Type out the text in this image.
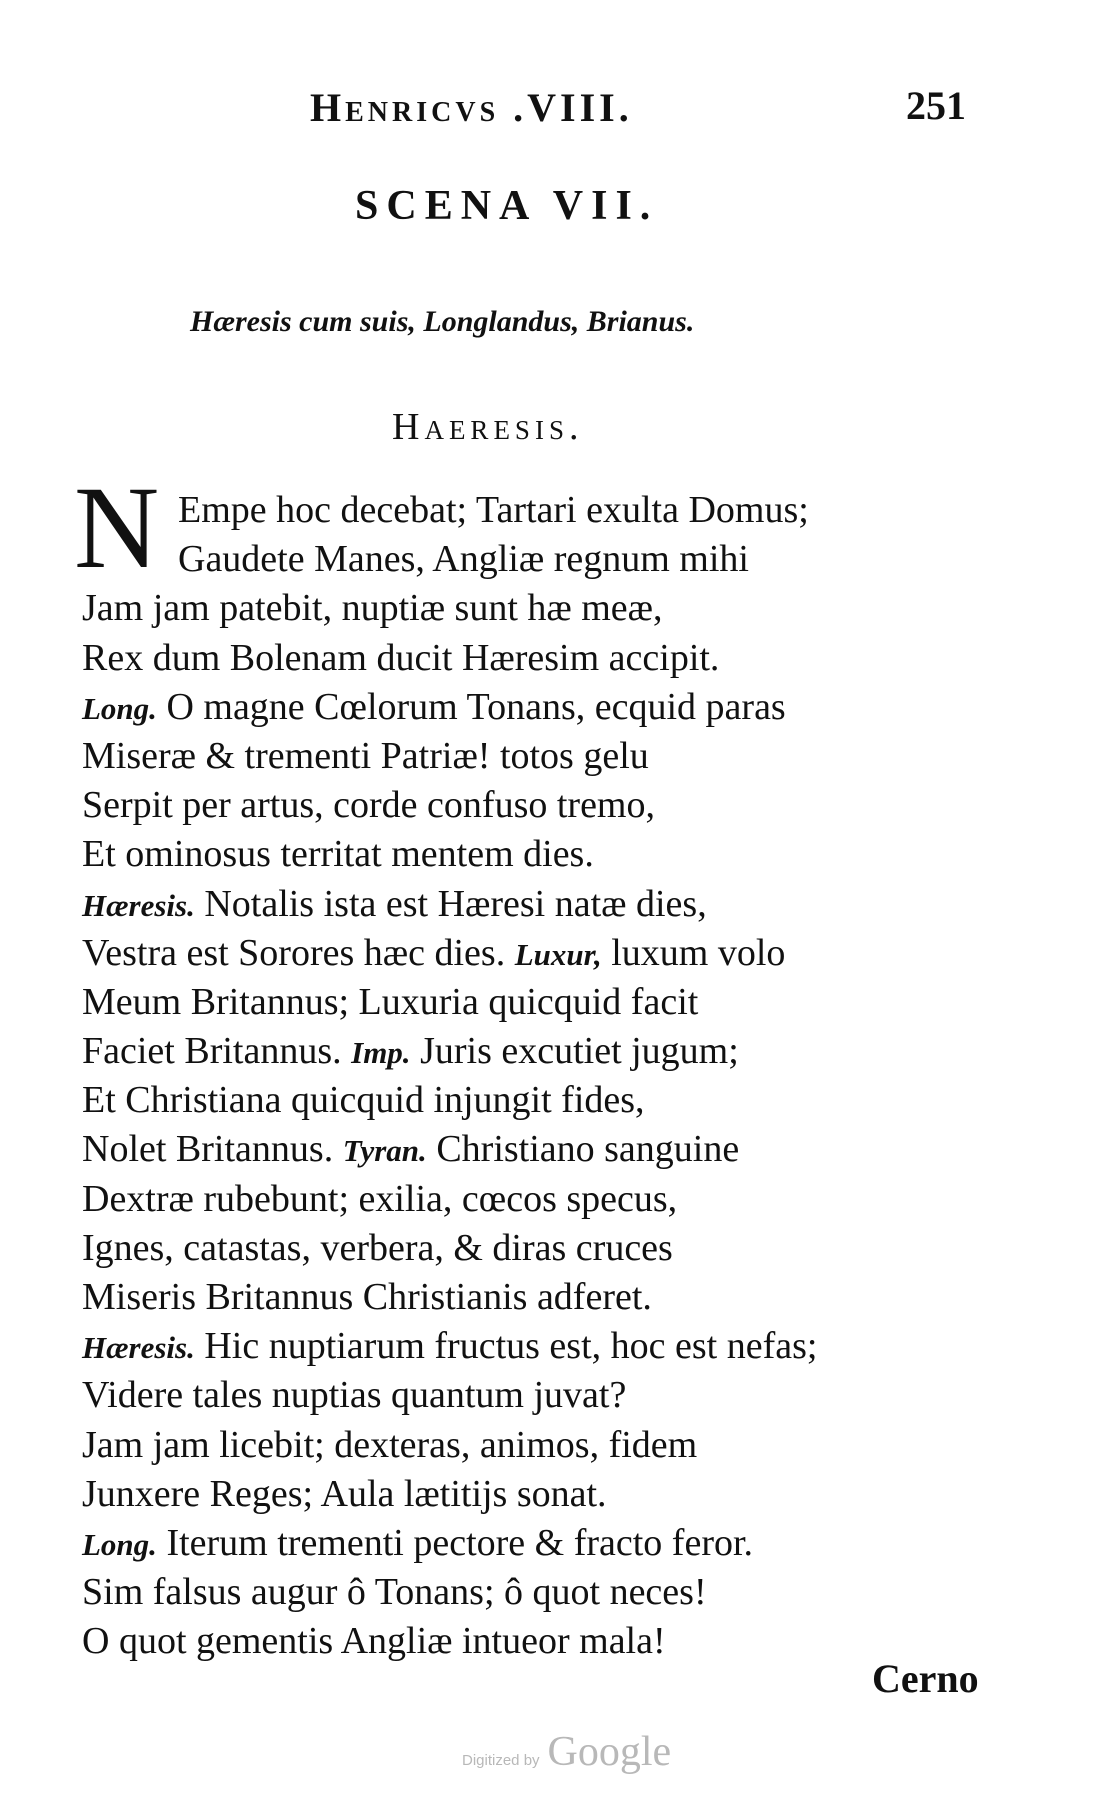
Henricvs .VIII.	251
SCENA VII.
Hæresis cum suis, Longlandus, Brianus.
Haeresis.
N Empe hoc decebat; Tartari exulta Domus;
Gaudete Manes, Angliæ regnum mihi
Jam jam patebit, nuptiæ sunt hæ meæ,
Rex dum Bolenam ducit Hæresim accipit.
Long. O magne Cœlorum Tonans, ecquid paras
Miseræ & trementi Patriæ! totos gelu
Serpit per artus, corde confuso tremo,
Et ominosus territat mentem dies.
Hæresis. Notalis ista est Hæresi natæ dies,
Vestra est Sorores hæc dies. Luxur, luxum volo
Meum Britannus; Luxuria quicquid facit
Faciet Britannus. Imp. Juris excutiet jugum;
Et Christiana quicquid injungit fides,
Nolet Britannus. Tyran. Christiano sanguine
Dextræ rubebunt; exilia, cœcos specus,
Ignes, catastas, verbera, & diras cruces
Miseris Britannus Christianis adferet.
Hæresis. Hic nuptiarum fructus est, hoc est nefas;
Videre tales nuptias quantum juvat?
Jam jam licebit; dexteras, animos, fidem
Junxere Reges; Aula lætitijs sonat.
Long. Iterum trementi pectore & fracto feror.
Sim falsus augur ô Tonans; ô quot neces!
O quot gementis Angliæ intueor mala!
Cerno
Digitized by Google
